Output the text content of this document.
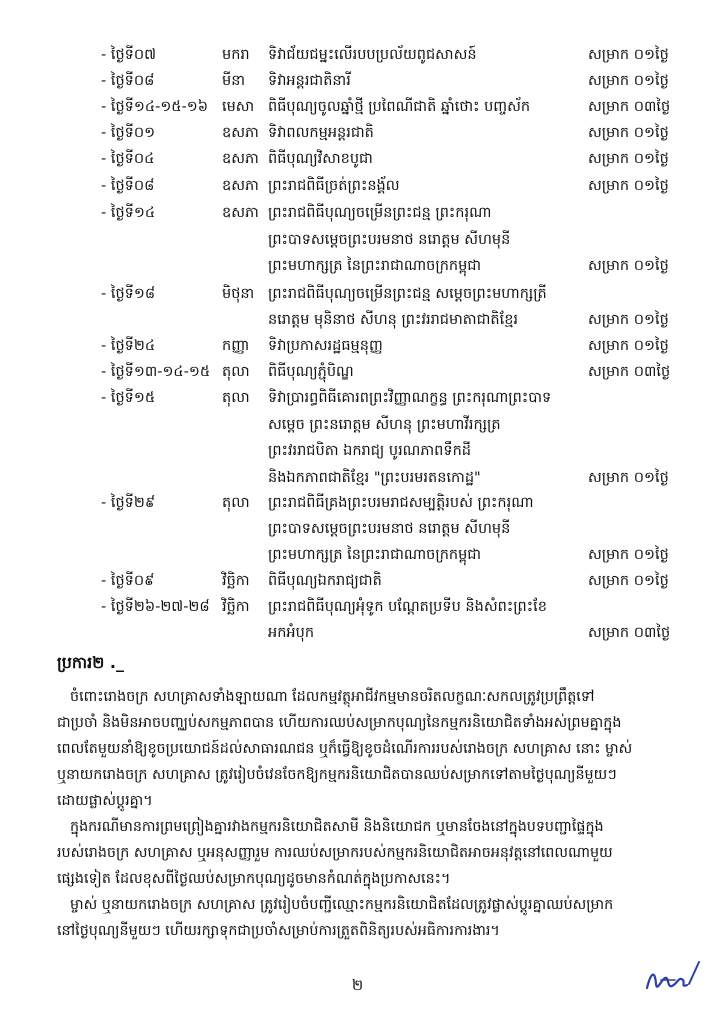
- ថ្ងៃទី០៧	មករា ទិវាជ័យជម្នះលើរបបប្រល័យពូជសាសន៍	សម្រាក ០១ថ្ងៃ
- ថ្ងៃទី០៨	មីនា ទិវាអន្តរជាតិនារី	សម្រាក ០១ថ្ងៃ
- ថ្ងៃទី១៤-១៥-១៦ មេសា ពិធីបុណ្យចូលឆ្នាំថ្មី ប្រពៃណីជាតិ ឆ្នាំថោះ បញ្ចស័ក	សម្រាក ០៣ថ្ងៃ
- ថ្ងៃទី០១	ឧសភា ទិវាពលកម្មអន្តរជាតិ	សម្រាក ០១ថ្ងៃ
- ថ្ងៃទី០៤	ឧសភា ពិធីបុណ្យវិសាខបូជា	សម្រាក ០១ថ្ងៃ
- ថ្ងៃទី០៨	ឧសភា ព្រះរាជពិធីច្រត់ព្រះនង្គ័ល	សម្រាក ០១ថ្ងៃ
- ថ្ងៃទី១៤	ឧសភា ព្រះរាជពិធីបុណ្យចម្រើនព្រះជន្ម ព្រះករុណា
ព្រះបាទសម្តេចព្រះបរមនាថ នរោត្តម សីហមុនី
ព្រះមហាក្សត្រ នៃព្រះរាជាណាចក្រកម្ពុជា	សម្រាក ០១ថ្ងៃ
- ថ្ងៃទី១៨	មិថុនា ព្រះរាជពិធីបុណ្យចម្រើនព្រះជន្ម សម្តេចព្រះមហាក្សត្រី
នរោត្តម មុនិនាថ សីហនុ ព្រះវររាជមាតាជាតិខ្មែរ	សម្រាក ០១ថ្ងៃ
- ថ្ងៃទី២៤	កញ្ញា ទិវាប្រកាសរដ្ឋធម្មនុញ្ញ	សម្រាក ០១ថ្ងៃ
- ថ្ងៃទី១៣-១៤-១៥ តុលា ពិធីបុណ្យភ្ជុំបិណ្ឌ	សម្រាក ០៣ថ្ងៃ
- ថ្ងៃទី១៥	តុលា ទិវាប្រារព្ធពិធីគោរពព្រះវិញ្ញាណក្ខន្ធ ព្រះករុណាព្រះបាទ
សម្តេច ព្រះនរោត្តម សីហនុ ព្រះមហាវីរក្សត្រ
ព្រះវររាជបិតា ឯករាជ្យ បូរណភាពទឹកដី
និងឯកភាពជាតិខ្មែរ "ព្រះបរមរតនកោដ្ឋ"	សម្រាក ០១ថ្ងៃ
- ថ្ងៃទី២៩	តុលា ព្រះរាជពិធីគ្រងព្រះបរមរាជសម្បត្តិរបស់ ព្រះករុណា
ព្រះបាទសម្តេចព្រះបរមនាថ នរោត្តម សីហមុនី
ព្រះមហាក្សត្រ នៃព្រះរាជាណាចក្រកម្ពុជា	សម្រាក ០១ថ្ងៃ
- ថ្ងៃទី០៩	វិច្ឆិកា ពិធីបុណ្យឯករាជ្យជាតិ	សម្រាក ០១ថ្ងៃ
- ថ្ងៃទី២៦-២៧-២៨ វិច្ឆិកា ព្រះរាជពិធីបុណ្យអុំទូក បណ្តែតប្រទីប និងសំពះព្រះខែ
អកអំបុក	សម្រាក ០៣ថ្ងៃ
ប្រការ២ ._
ចំពោះរោងចក្រ សហគ្រាសទាំងឡាយណា ដែលកម្មវត្ថុអាជីវកម្មមានចរិតលក្ខណៈសកលត្រូវប្រព្រឹត្តទៅ
ជាប្រចាំ និងមិនអាចបញ្ឈប់សកម្មភាពបាន ហើយការឈប់សម្រាកបុណ្យនៃកម្មករនិយោជិតទាំងអស់ព្រមគ្នាក្នុង
ពេលតែមួយនាំឱ្យខូចប្រយោជន៍ដល់សាធារណជន ឬក៏ធ្វើឱ្យខូចដំណើរការរបស់រោងចក្រ សហគ្រាស នោះ ម្ចាស់
ឬនាយករោងចក្រ សហគ្រាស ត្រូវរៀបចំវេនចែកឱ្យកម្មករនិយោជិតបានឈប់សម្រាកទៅតាមថ្ងៃបុណ្យនីមួយៗ
ដោយផ្លាស់ប្តូរគ្នា។
ក្នុងករណីមានការព្រមព្រៀងគ្នារវាងកម្មករនិយោជិតសាមី និងនិយោជក ឬមានចែងនៅក្នុងបទបញ្ជាផ្ទៃក្នុង
របស់រោងចក្រ សហគ្រាស ឬអនុសញ្ញារួម ការឈប់សម្រាករបស់កម្មករនិយោជិតអាចអនុវត្តនៅពេលណាមួយ
ផ្សេងទៀត ដែលខុសពីថ្ងៃឈប់សម្រាកបុណ្យដូចមានកំណត់ក្នុងប្រកាសនេះ។
ម្ចាស់ ឬនាយករោងចក្រ សហគ្រាស ត្រូវរៀបចំបញ្ជីឈ្មោះកម្មករនិយោជិតដែលត្រូវផ្លាស់ប្តូរគ្នាឈប់សម្រាក
នៅថ្ងៃបុណ្យនីមួយៗ ហើយរក្សាទុកជាប្រចាំសម្រាប់ការត្រួតពិនិត្យរបស់អធិការការងារ។
២
